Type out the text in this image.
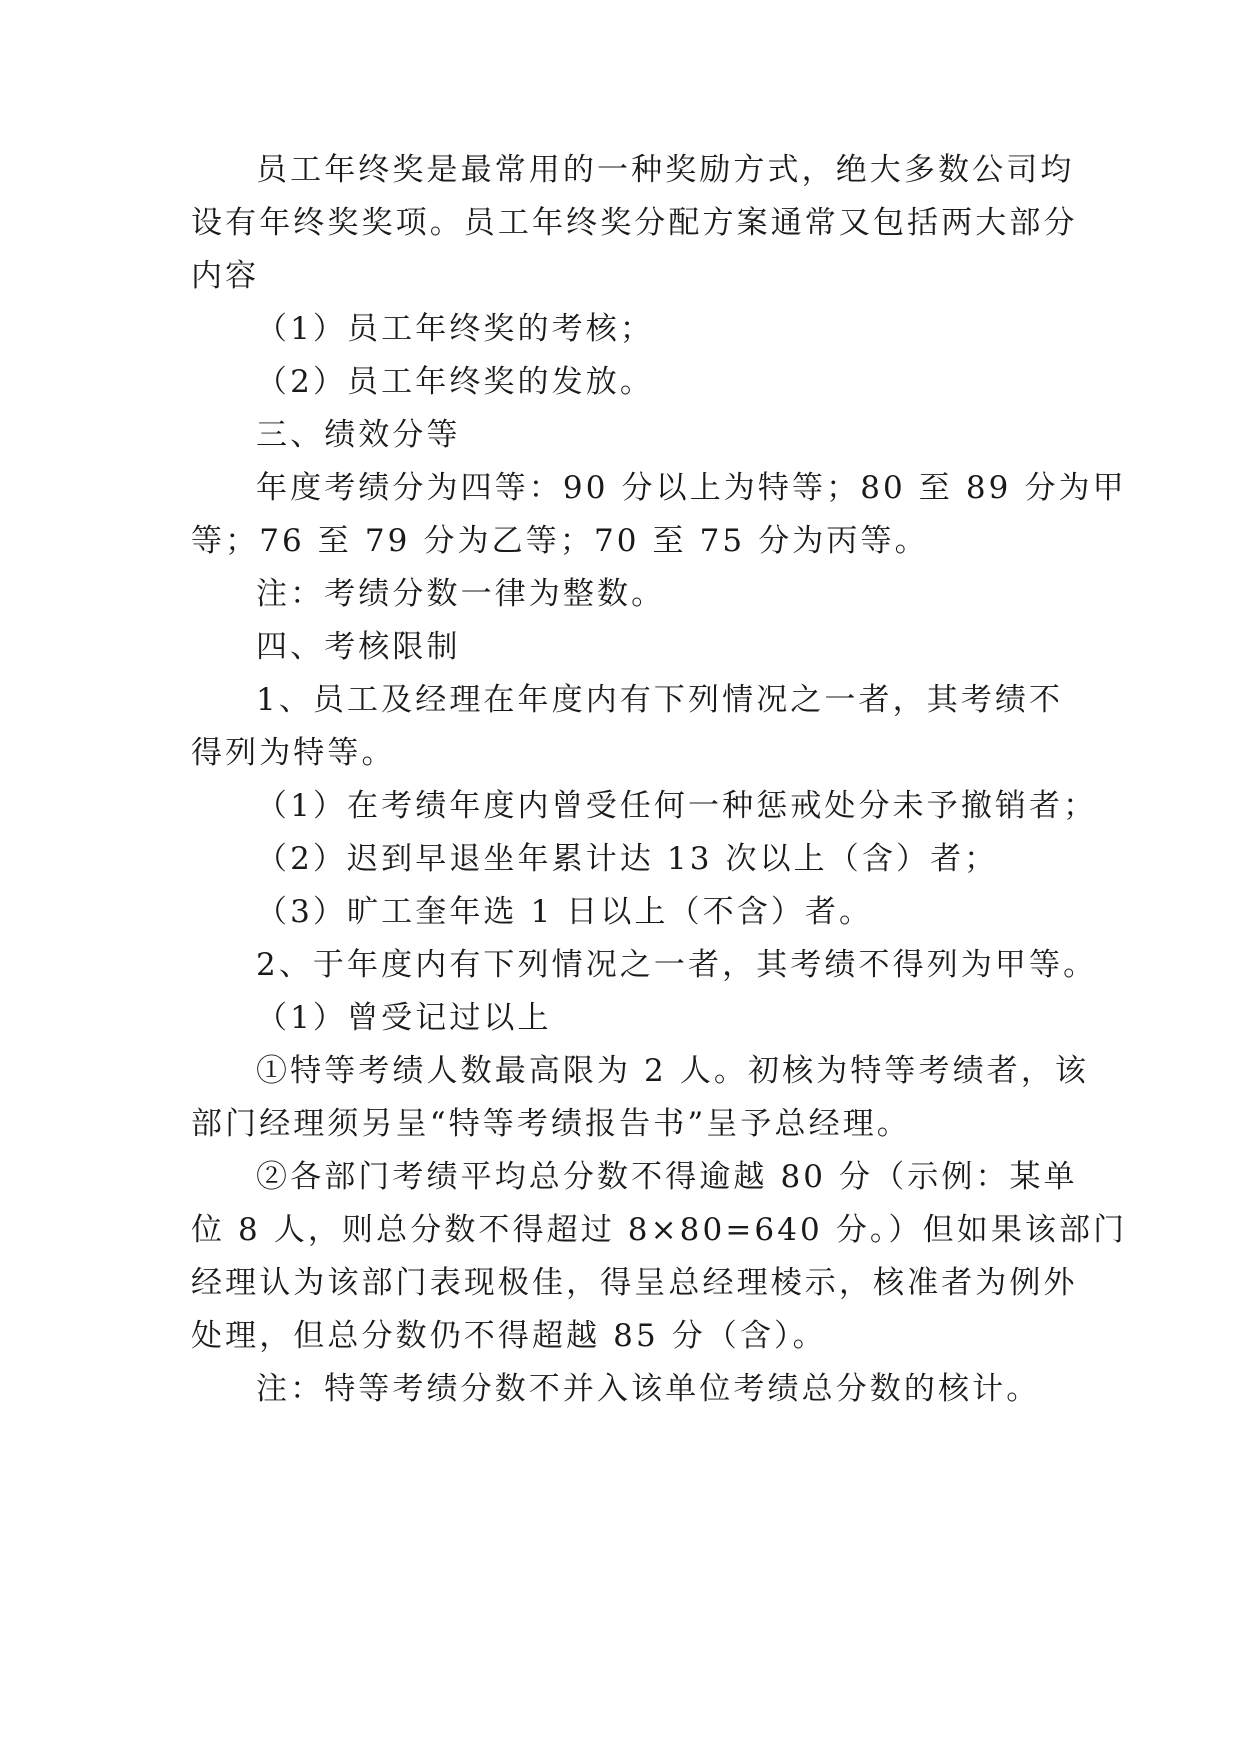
员工年终奖是最常用的一种奖励方式，绝大多数公司均

设有年终奖奖项。员工年终奖分配方案通常又包括两大部分

内容

（1）员工年终奖的考核；

（2）员工年终奖的发放。

三、绩效分等

年度考绩分为四等：90 分以上为特等；80 至 89 分为甲

等；76 至 79 分为乙等；70 至 75 分为丙等。

注：考绩分数一律为整数。

四、考核限制

1、员工及经理在年度内有下列情况之一者，其考绩不

得列为特等。

（1）在考绩年度内曾受任何一种惩戒处分未予撤销者；

（2）迟到早退坐年累计达 13 次以上（含）者；

（3）旷工奎年选 1 日以上（不含）者。

2、于年度内有下列情况之一者，其考绩不得列为甲等。

（1）曾受记过以上

①特等考绩人数最高限为 2 人。初核为特等考绩者，该

部门经理须另呈“特等考绩报告书”呈予总经理。

②各部门考绩平均总分数不得逾越 80 分（示例：某单

位 8 人，则总分数不得超过 8×80=640 分。）但如果该部门

经理认为该部门表现极佳，得呈总经理棱示，核准者为例外

处理，但总分数仍不得超越 85 分（含）。

注：特等考绩分数不并入该单位考绩总分数的核计。
